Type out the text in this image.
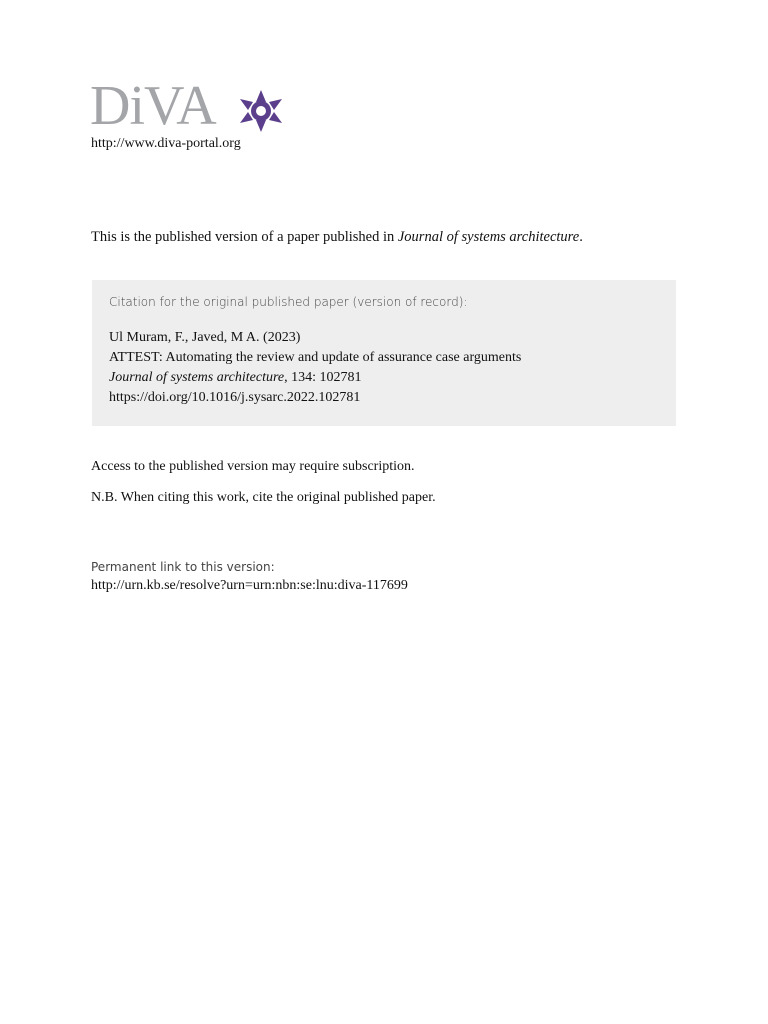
DiVA
http://www.diva-portal.org
This is the published version of a paper published in Journal of systems architecture.
Citation for the original published paper (version of record):
Ul Muram, F., Javed, M A. (2023)
ATTEST: Automating the review and update of assurance case arguments
Journal of systems architecture, 134: 102781
https://doi.org/10.1016/j.sysarc.2022.102781
Access to the published version may require subscription.
N.B. When citing this work, cite the original published paper.
Permanent link to this version:
http://urn.kb.se/resolve?urn=urn:nbn:se:lnu:diva-117699
